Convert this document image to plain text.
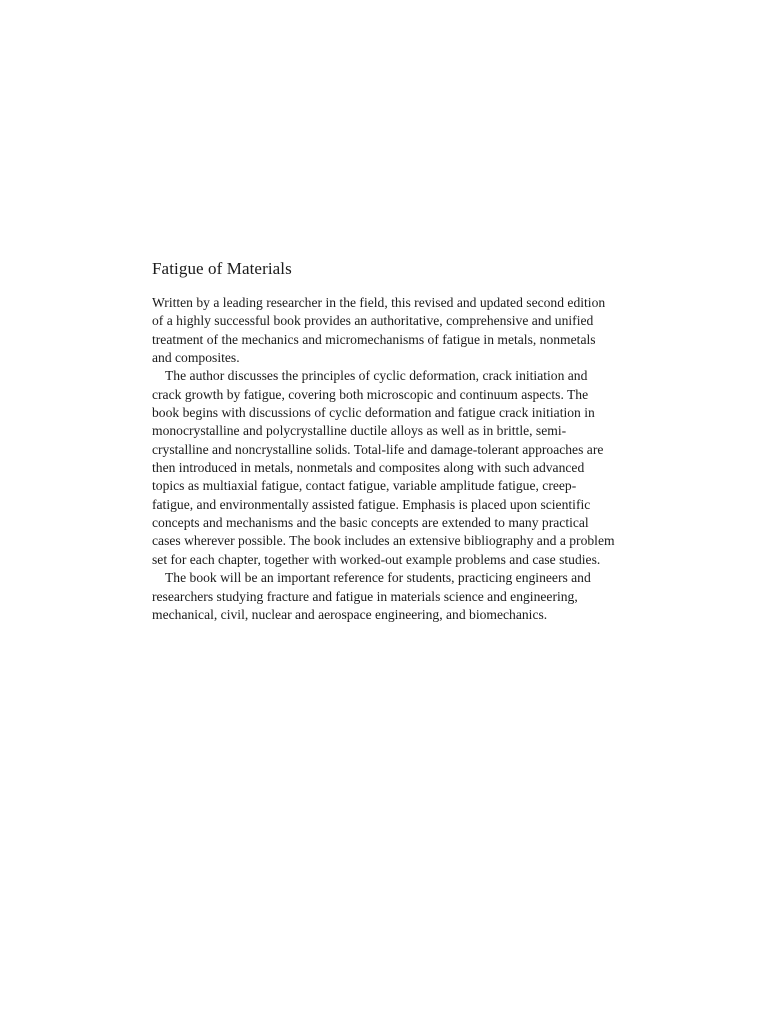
Fatigue of Materials

Written by a leading researcher in the field, this revised and updated second edition
of a highly successful book provides an authoritative, comprehensive and unified
treatment of the mechanics and micromechanisms of fatigue in metals, nonmetals
and composites.

The author discusses the principles of cyclic deformation, crack initiation and
crack growth by fatigue, covering both microscopic and continuum aspects. The
book begins with discussions of cyclic deformation and fatigue crack initiation in
monocrystalline and polycrystalline ductile alloys as well as in brittle, semi-
crystalline and noncrystalline solids. Total-life and damage-tolerant approaches are
then introduced in metals, nonmetals and composites along with such advanced
topics as multiaxial fatigue, contact fatigue, variable amplitude fatigue, creep-
fatigue, and environmentally assisted fatigue. Emphasis is placed upon scientific
concepts and mechanisms and the basic concepts are extended to many practical
cases wherever possible. The book includes an extensive bibliography and a problem
set for each chapter, together with worked-out example problems and case studies.

The book will be an important reference for students, practicing engineers and
researchers studying fracture and fatigue in materials science and engineering,
mechanical, civil, nuclear and aerospace engineering, and biomechanics.
